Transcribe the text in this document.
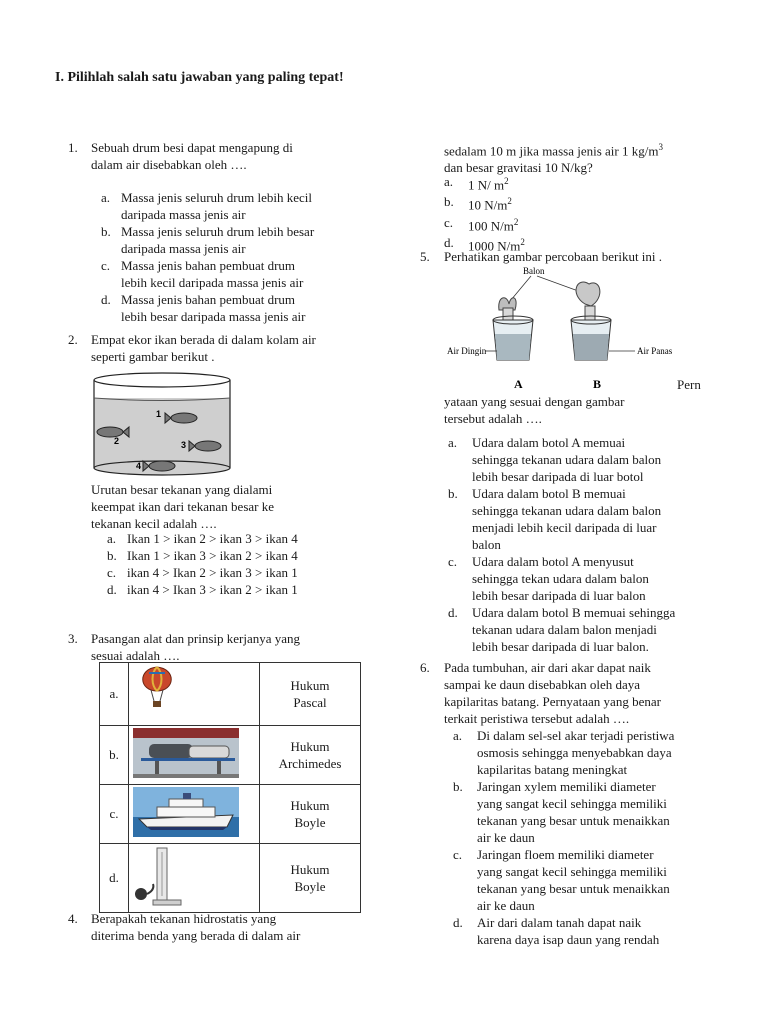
I. Pilihlah salah satu jawaban yang paling tepat!
1. Sebuah drum besi dapat mengapung di
dalam air disebabkan oleh ….
a. Massa jenis seluruh drum lebih kecil
daripada massa jenis air
b. Massa jenis seluruh drum lebih besar
daripada massa jenis air
c. Massa jenis bahan pembuat drum
lebih kecil daripada massa jenis air
d. Massa jenis bahan pembuat drum
lebih besar daripada massa jenis air
2. Empat ekor ikan berada di dalam kolam air
seperti gambar berikut .
1
2	3
4
Urutan besar tekanan yang dialami
keempat ikan dari tekanan besar ke
tekanan kecil adalah ….
a. Ikan 1 > ikan 2 > ikan 3 > ikan 4
b. Ikan 1 > ikan 3 > ikan 2 > ikan 4
c. ikan 4 > Ikan 2 > ikan 3 > ikan 1
d. ikan 4 > Ikan 3 > ikan 2 > ikan 1
3. Pasangan alat dan prinsip kerjanya yang
sesuai adalah ….
a.		Hukum
Pascal

b.		Hukum
Archimedes

c.		Hukum
Boyle

d.		Hukum
Boyle
4. Berapakah tekanan hidrostatis yang
diterima benda yang berada di dalam air
sedalam 10 m jika massa jenis air 1 $kg/m^3$
dan besar gravitasi 10 N/kg?
a. 1 N/ $m^2$
b. 10 $N/m^2$
c. 100 $N/m^2$
d. 1000 $N/m^2$
5. Perhatikan gambar percobaan berikut ini .
Balon
Air Dingin	Air Panas
A	B	Pern
yataan yang sesuai dengan gambar
tersebut adalah ….
a. Udara dalam botol A memuai
sehingga tekanan udara dalam balon
lebih besar daripada di luar botol
b. Udara dalam botol B memuai
sehingga tekanan udara dalam balon
menjadi lebih kecil daripada di luar
balon
c. Udara dalam botol A menyusut
sehingga tekan udara dalam balon
lebih besar daripada di luar balon
d. Udara dalam botol B memuai sehingga
tekanan udara dalam balon menjadi
lebih besar daripada di luar balon.
6. Pada tumbuhan, air dari akar dapat naik
sampai ke daun disebabkan oleh daya
kapilaritas batang. Pernyataan yang benar
terkait peristiwa tersebut adalah ….
a. Di dalam sel-sel akar terjadi peristiwa
osmosis sehingga menyebabkan daya
kapilaritas batang meningkat
b. Jaringan xylem memiliki diameter
yang sangat kecil sehingga memiliki
tekanan yang besar untuk menaikkan
air ke daun
c. Jaringan floem memiliki diameter
yang sangat kecil sehingga memiliki
tekanan yang besar untuk menaikkan
air ke daun
d. Air dari dalam tanah dapat naik
karena daya isap daun yang rendah
